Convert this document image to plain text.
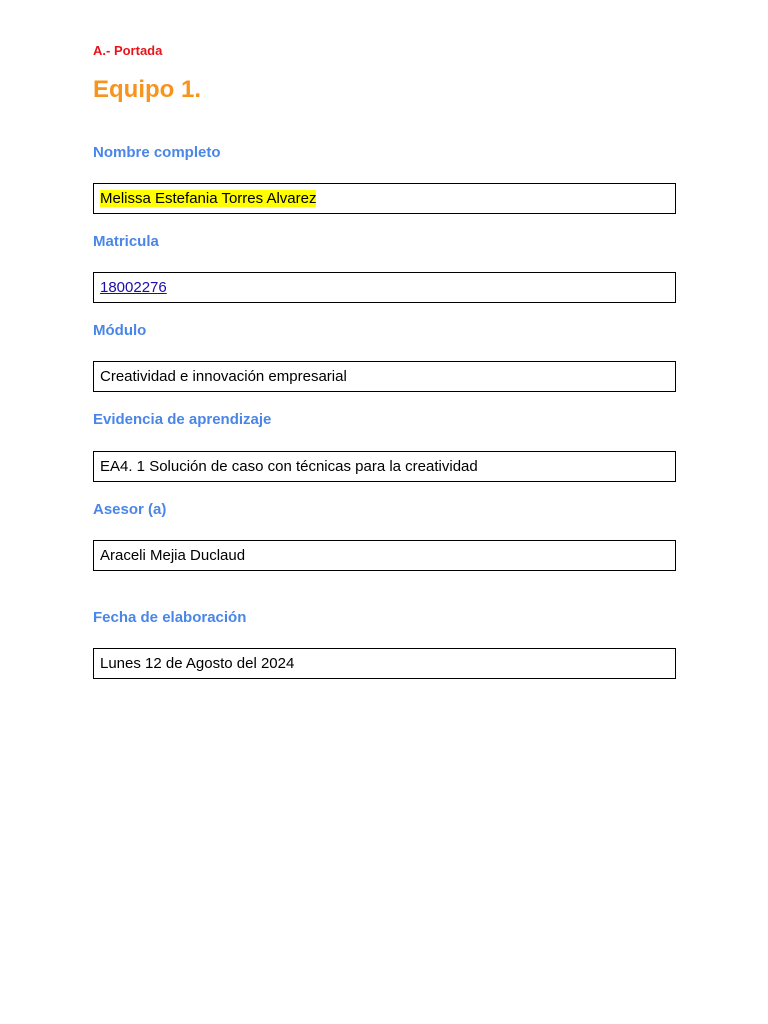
A.- Portada
Equipo 1.
Nombre completo
Melissa Estefania Torres Alvarez
Matricula
18002276
Módulo
Creatividad e innovación empresarial
Evidencia de aprendizaje
EA4. 1 Solución de caso con técnicas para la creatividad
Asesor (a)
Araceli Mejia Duclaud
Fecha de elaboración
Lunes 12 de Agosto del 2024
